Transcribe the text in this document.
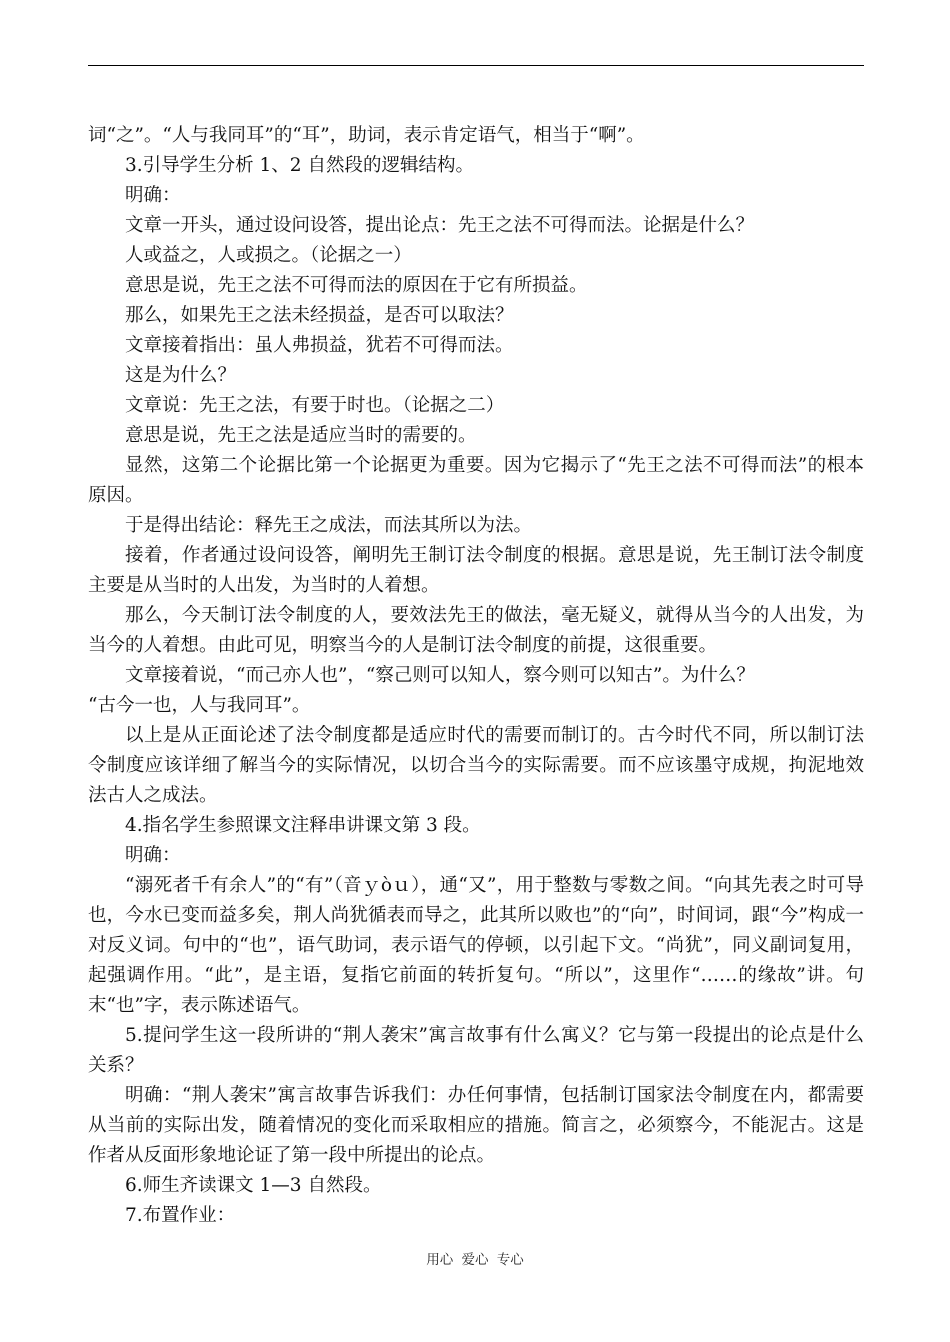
词“之”。“人与我同耳”的“耳”，助词，表示肯定语气，相当于“啊”。

3.引导学生分析 1、2 自然段的逻辑结构。

明确：

文章一开头，通过设问设答，提出论点：先王之法不可得而法。论据是什么？

人或益之，人或损之。（论据之一）

意思是说，先王之法不可得而法的原因在于它有所损益。

那么，如果先王之法未经损益，是否可以取法？

文章接着指出：虽人弗损益，犹若不可得而法。

这是为什么？

文章说：先王之法，有要于时也。（论据之二）

意思是说，先王之法是适应当时的需要的。

显然，这第二个论据比第一个论据更为重要。因为它揭示了“先王之法不可得而法”的根本原因。

于是得出结论：释先王之成法，而法其所以为法。

接着，作者通过设问设答，阐明先王制订法令制度的根据。意思是说，先王制订法令制度主要是从当时的人出发，为当时的人着想。

那么，今天制订法令制度的人，要效法先王的做法，毫无疑义，就得从当今的人出发，为当今的人着想。由此可见，明察当今的人是制订法令制度的前提，这很重要。

文章接着说，“而己亦人也”，“察己则可以知人，察今则可以知古”。为什么？

“古今一也，人与我同耳”。

以上是从正面论述了法令制度都是适应时代的需要而制订的。古今时代不同，所以制订法令制度应该详细了解当今的实际情况，以切合当今的实际需要。而不应该墨守成规，拘泥地效法古人之成法。

4.指名学生参照课文注释串讲课文第 3 段。

明确：

“溺死者千有余人”的“有”（音ｙòｕ），通“又”，用于整数与零数之间。“向其先表之时可导也，今水已变而益多矣，荆人尚犹循表而导之，此其所以败也”的“向”，时间词，跟“今”构成一对反义词。句中的“也”，语气助词，表示语气的停顿，以引起下文。“尚犹”，同义副词复用，起强调作用。“此”，是主语，复指它前面的转折复句。“所以”，这里作“……的缘故”讲。句末“也”字，表示陈述语气。

5.提问学生这一段所讲的“荆人袭宋”寓言故事有什么寓义？它与第一段提出的论点是什么关系？

明确：“荆人袭宋”寓言故事告诉我们：办任何事情，包括制订国家法令制度在内，都需要从当前的实际出发，随着情况的变化而采取相应的措施。简言之，必须察今，不能泥古。这是作者从反面形象地论证了第一段中所提出的论点。

6.师生齐读课文 1—3 自然段。

7.布置作业：

用心 爱心 专心
